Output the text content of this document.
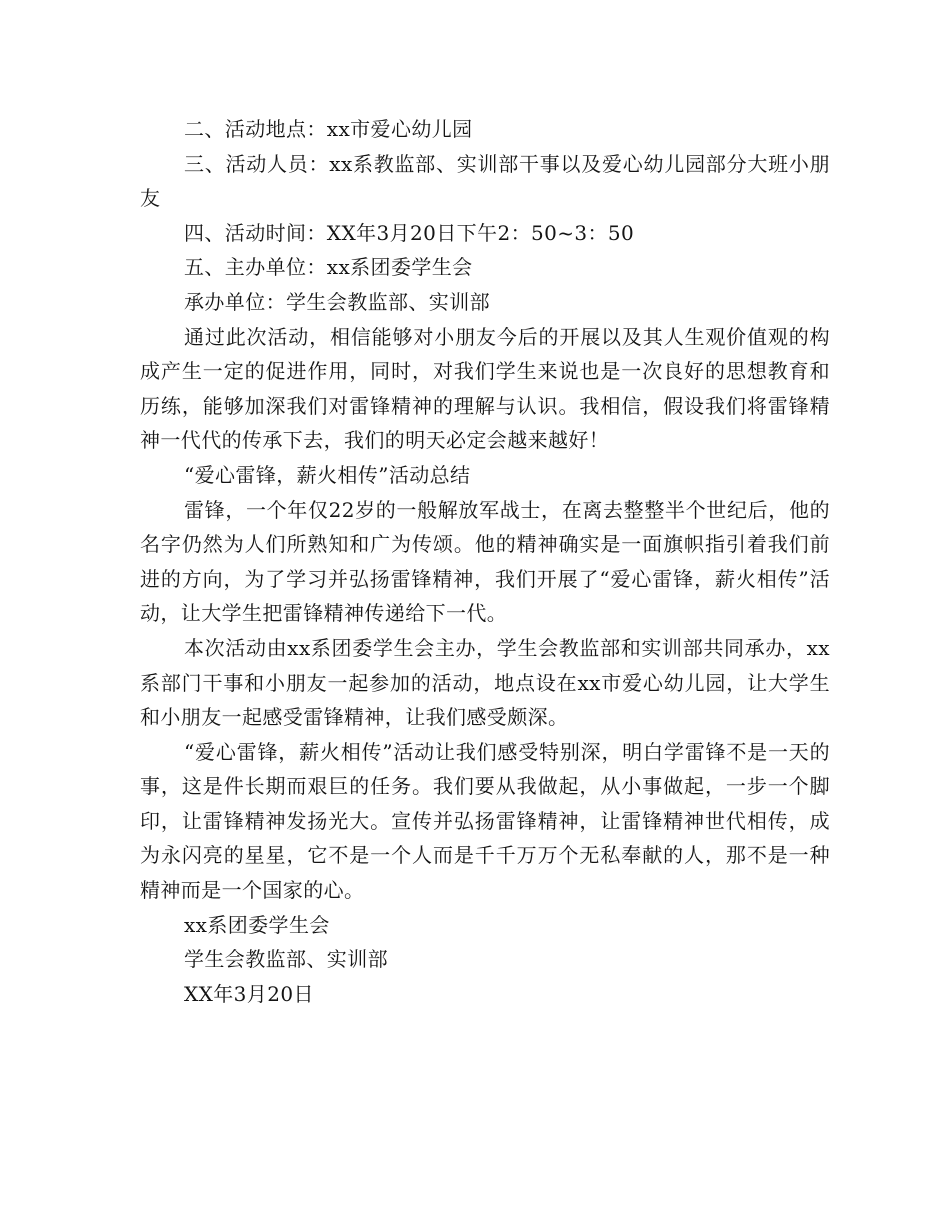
二、活动地点：xx市爱心幼儿园

三、活动人员：xx系教监部、实训部干事以及爱心幼儿园部分大班小朋友

四、活动时间：XX年3月20日下午2：50~3：50

五、主办单位：xx系团委学生会

承办单位：学生会教监部、实训部

通过此次活动，相信能够对小朋友今后的开展以及其人生观价值观的构成产生一定的促进作用，同时，对我们学生来说也是一次良好的思想教育和历练，能够加深我们对雷锋精神的理解与认识。我相信，假设我们将雷锋精神一代代的传承下去，我们的明天必定会越来越好！

“爱心雷锋，薪火相传”活动总结

雷锋，一个年仅22岁的一般解放军战士，在离去整整半个世纪后，他的名字仍然为人们所熟知和广为传颂。他的精神确实是一面旗帜指引着我们前进的方向，为了学习并弘扬雷锋精神，我们开展了“爱心雷锋，薪火相传”活动，让大学生把雷锋精神传递给下一代。

本次活动由xx系团委学生会主办，学生会教监部和实训部共同承办，xx系部门干事和小朋友一起参加的活动，地点设在xx市爱心幼儿园，让大学生和小朋友一起感受雷锋精神，让我们感受颇深。

“爱心雷锋，薪火相传”活动让我们感受特别深，明白学雷锋不是一天的事，这是件长期而艰巨的任务。我们要从我做起，从小事做起，一步一个脚印，让雷锋精神发扬光大。宣传并弘扬雷锋精神，让雷锋精神世代相传，成为永闪亮的星星，它不是一个人而是千千万万个无私奉献的人，那不是一种精神而是一个国家的心。

xx系团委学生会

学生会教监部、实训部

XX年3月20日
